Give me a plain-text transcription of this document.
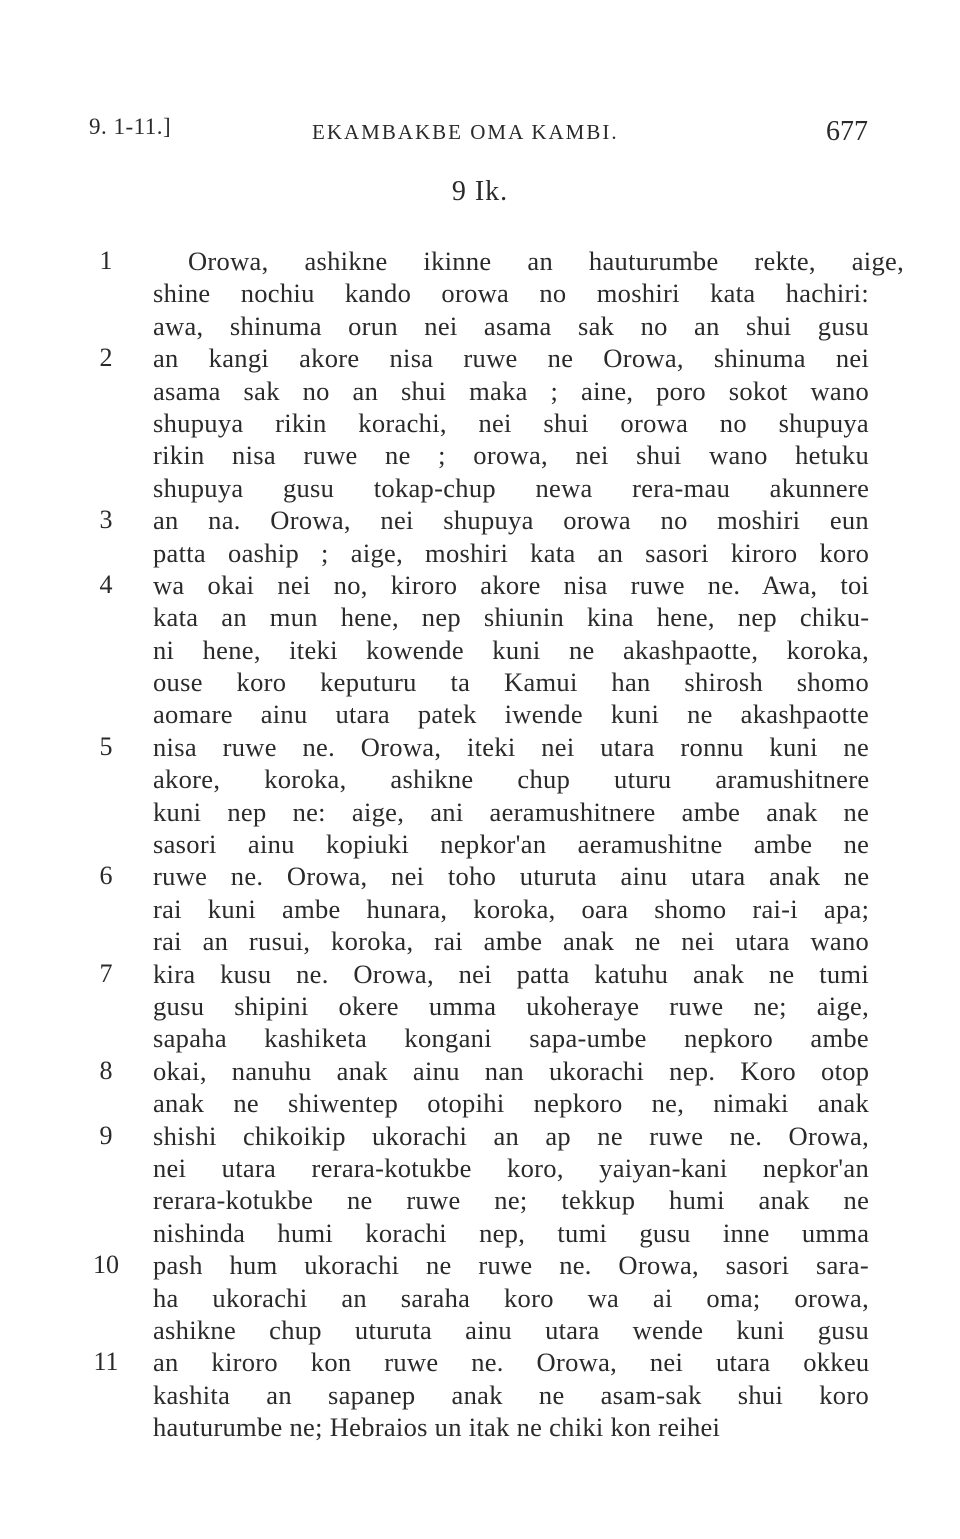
9. 1-11.]	EKAMBAKBE OMA KAMBI.	677
9 Ik.
1	Orowa, ashikne ikinne an hauturumbe rekte, aige,
shine nochiu kando orowa no moshiri kata hachiri:
awa, shinuma orun nei asama sak no an shui gusu
2	an kangi akore nisa ruwe ne Orowa, shinuma nei
asama sak no an shui maka ; aine, poro sokot wano
shupuya rikin korachi, nei shui orowa no shupuya
rikin nisa ruwe ne ; orowa, nei shui wano hetuku
shupuya gusu tokap-chup newa rera-mau akunnere
3	an na. Orowa, nei shupuya orowa no moshiri eun
patta oaship ; aige, moshiri kata an sasori kiroro koro
4	wa okai nei no, kiroro akore nisa ruwe ne. Awa, toi
kata an mun hene, nep shiunin kina hene, nep chiku-
ni hene, iteki kowende kuni ne akashpaotte, koroka,
ouse koro keputuru ta Kamui han shirosh shomo
aomare ainu utara patek iwende kuni ne akashpaotte
5	nisa ruwe ne. Orowa, iteki nei utara ronnu kuni ne
akore, koroka, ashikne chup uturu aramushitnere
kuni nep ne: aige, ani aeramushitnere ambe anak ne
sasori ainu kopiuki nepkor'an aeramushitne ambe ne
6	ruwe ne. Orowa, nei toho uturuta ainu utara anak ne
rai kuni ambe hunara, koroka, oara shomo rai-i apa;
rai an rusui, koroka, rai ambe anak ne nei utara wano
7	kira kusu ne. Orowa, nei patta katuhu anak ne tumi
gusu shipini okere umma ukoheraye ruwe ne; aige,
sapaha kashiketa kongani sapa-umbe nepkoro ambe
8	okai, nanuhu anak ainu nan ukorachi nep. Koro otop
anak ne shiwentep otopihi nepkoro ne, nimaki anak
9	shishi chikoikip ukorachi an ap ne ruwe ne. Orowa,
nei utara rerara-kotukbe koro, yaiyan-kani nepkor'an
rerara-kotukbe ne ruwe ne; tekkup humi anak ne
nishinda humi korachi nep, tumi gusu inne umma
10 pash hum ukorachi ne ruwe ne. Orowa, sasori sara-
ha ukorachi an saraha koro wa ai oma; orowa,
ashikne chup uturuta ainu utara wende kuni gusu
11 an kiroro kon ruwe ne. Orowa, nei utara okkeu
kashita an sapanep anak ne asam-sak shui koro
hauturumbe ne; Hebraios un itak ne chiki kon reihei
